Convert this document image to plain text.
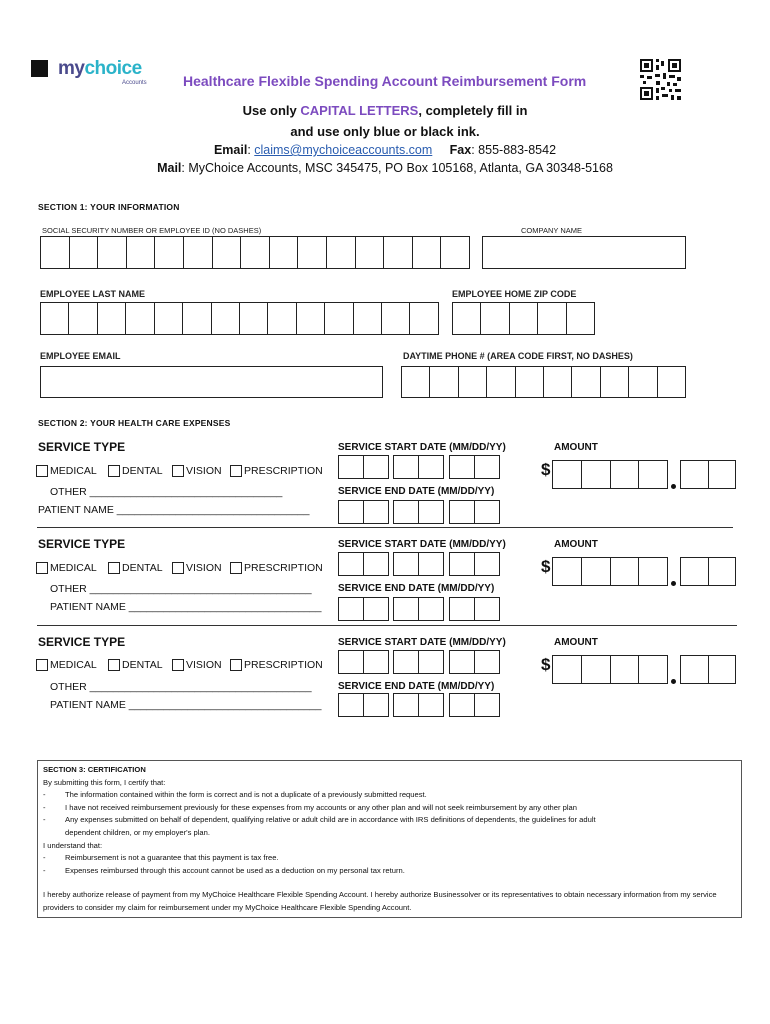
mychoice
Accounts	Healthcare Flexible Spending Account Reimbursement Form
Use only CAPITAL LETTERS, completely fill in
and use only blue or black ink.
Email: claims@mychoiceaccounts.com Fax: 855-883-8542
Mail: MyChoice Accounts, MSC 345475, PO Box 105168, Atlanta, GA 30348-5168
SECTION 1: YOUR INFORMATION
SOCIAL SECURITY NUMBER OR EMPLOYEE ID (NO DASHES)	COMPANY NAME
EMPLOYEE LAST NAME	EMPLOYEE HOME ZIP CODE
EMPLOYEE EMAIL	DAYTIME PHONE # (AREA CODE FIRST, NO DASHES)
SECTION 2: YOUR HEALTH CARE EXPENSES
SERVICE TYPE	SERVICE START DATE (MM/DD/YY)	AMOUNT
MEDICAL DENTAL VISION PRESCRIPTION
OTHER _________________________________
PATIENT NAME _________________________________
SERVICE END DATE (MM/DD/YY)
$
SERVICE TYPE	SERVICE START DATE (MM/DD/YY)	AMOUNT
MEDICAL DENTAL VISION PRESCRIPTION
OTHER ______________________________________
PATIENT NAME _________________________________
SERVICE END DATE (MM/DD/YY)
$
SERVICE TYPE	SERVICE START DATE (MM/DD/YY)	AMOUNT
MEDICAL DENTAL VISION PRESCRIPTION
OTHER ______________________________________
PATIENT NAME _________________________________
SERVICE END DATE (MM/DD/YY)
$
SECTION 3: CERTIFICATION
By submitting this form, I certify that:
-	The information contained within the form is correct and is not a duplicate of a previously submitted request.
-	I have not received reimbursement previously for these expenses from my accounts or any other plan and will not seek reimbursement by any other plan
-	Any expenses submitted on behalf of dependent, qualifying relative or adult child are in accordance with IRS definitions of dependents, the guidelines for adult
dependent children, or my employer's plan.
I understand that:
-	Reimbursement is not a guarantee that this payment is tax free.
-	Expenses reimbursed through this account cannot be used as a deduction on my personal tax return.
I hereby authorize release of payment from my MyChoice Healthcare Flexible Spending Account. I hereby authorize Businessolver or its representatives to obtain necessary information from my service providers to consider my claim for reimbursement under my MyChoice Healthcare Flexible Spending Account.
